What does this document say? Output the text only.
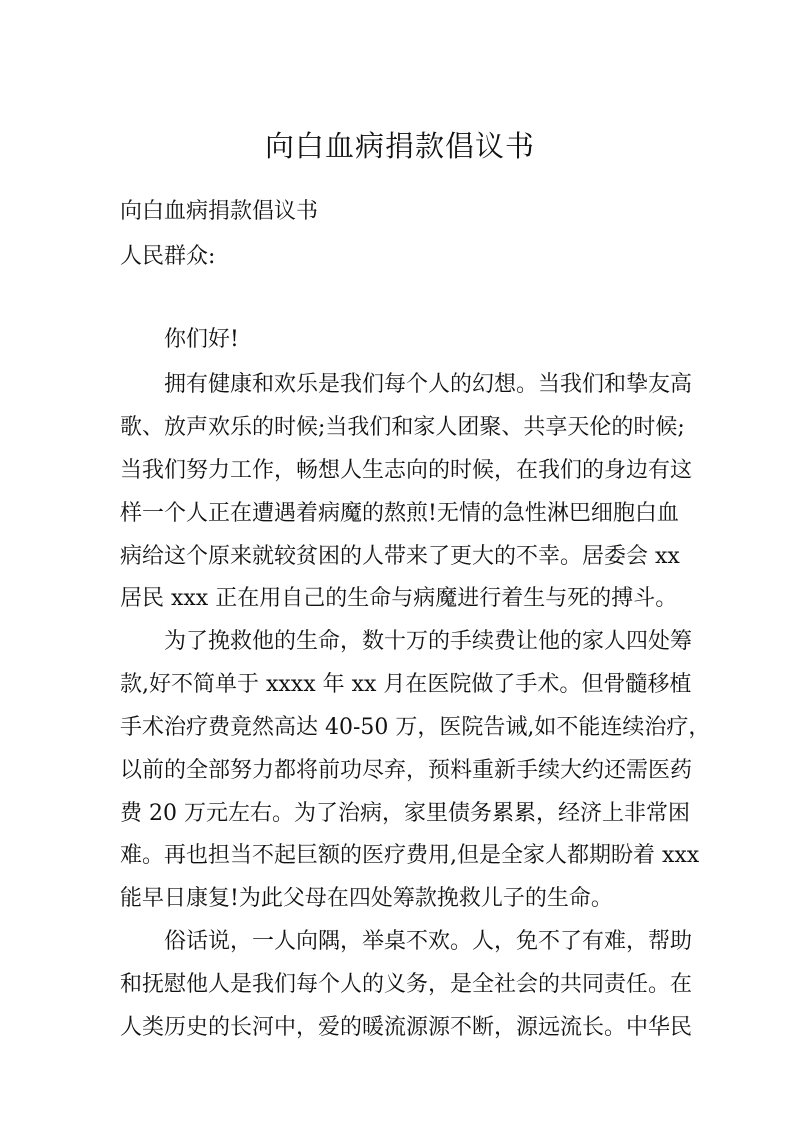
向白血病捐款倡议书

向白血病捐款倡议书

人民群众:

你们好!

拥有健康和欢乐是我们每个人的幻想。当我们和挚友高

歌、放声欢乐的时候;当我们和家人团聚、共享天伦的时候;

当我们努力工作，畅想人生志向的时候，在我们的身边有这

样一个人正在遭遇着病魔的熬煎!无情的急性淋巴细胞白血

病给这个原来就较贫困的人带来了更大的不幸。居委会 xx

居民 xxx 正在用自己的生命与病魔进行着生与死的搏斗。

为了挽救他的生命，数十万的手续费让他的家人四处筹

款,好不简单于 xxxx 年 xx 月在医院做了手术。但骨髓移植

手术治疗费竟然高达 40-50 万，医院告诫,如不能连续治疗，

以前的全部努力都将前功尽弃，预料重新手续大约还需医药

费 20 万元左右。为了治病，家里债务累累，经济上非常困

难。再也担当不起巨额的医疗费用,但是全家人都期盼着 xxx

能早日康复!为此父母在四处筹款挽救儿子的生命。

俗话说，一人向隅，举桌不欢。人，免不了有难，帮助

和抚慰他人是我们每个人的义务，是全社会的共同责任。在

人类历史的长河中，爱的暖流源源不断，源远流长。中华民
